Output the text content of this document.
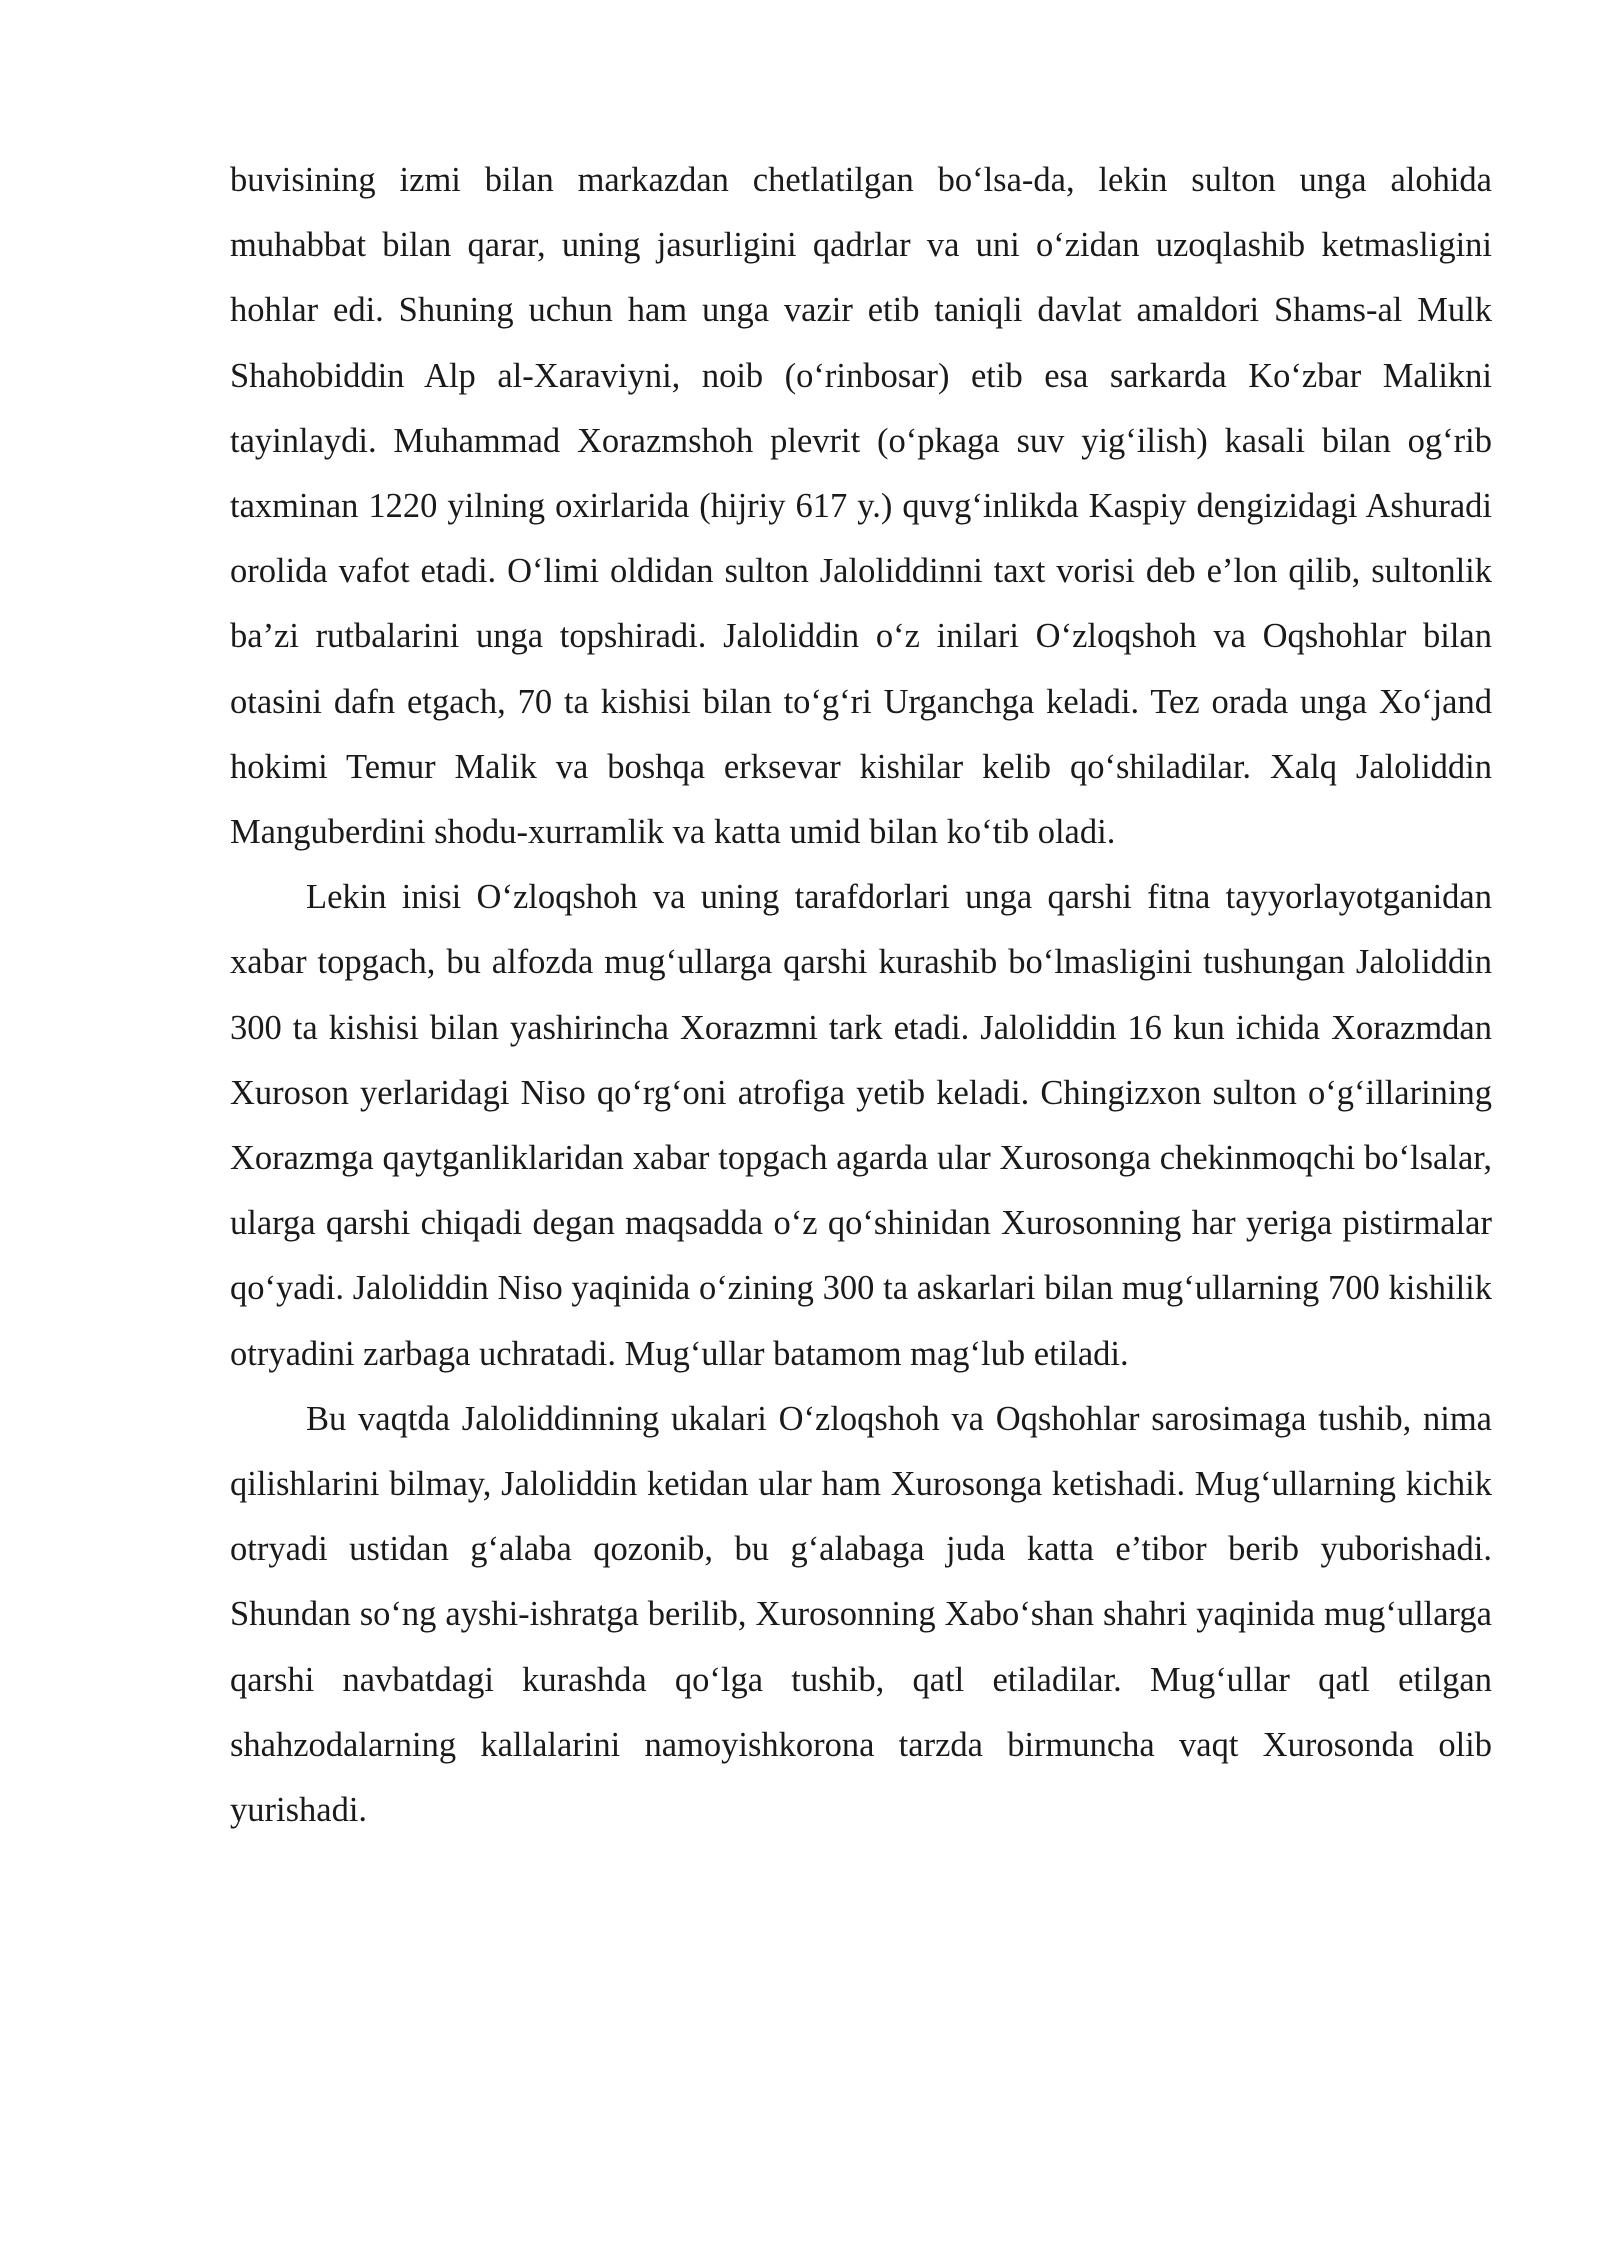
buvisining izmi bilan markazdan chetlatilgan bo‘lsa-da, lekin sulton unga alohida muhabbat bilan qarar, uning jasurligini qadrlar va uni o‘zidan uzoqlashib ketmasligini hohlar edi. Shuning uchun ham unga vazir etib taniqli davlat amaldori Shams-al Mulk Shahobiddin Alp al-Xaraviyni, noib (o‘rinbosar) etib esa sarkarda Ko‘zbar Malikni tayinlaydi. Muhammad Xorazmshoh plevrit (o‘pkaga suv yig‘ilish) kasali bilan og‘rib taxminan 1220 yilning oxirlarida (hijriy 617 y.) quvg‘inlikda Kaspiy dengizidagi Ashuradi orolida vafot etadi. O‘limi oldidan sulton Jaloliddinni taxt vorisi deb e’lon qilib, sultonlik ba’zi rutbalarini unga topshiradi. Jaloliddin o‘z inilari O‘zloqshoh va Oqshohlar bilan otasini dafn etgach, 70 ta kishisi bilan to‘g‘ri Urganchga keladi. Tez orada unga Xo‘jand hokimi Temur Malik va boshqa erksevar kishilar kelib qo‘shiladilar. Xalq Jaloliddin Manguberdini shodu-xurramlik va katta umid bilan ko‘tib oladi.

Lekin inisi O‘zloqshoh va uning tarafdorlari unga qarshi fitna tayyorlayotganidan xabar topgach, bu alfozda mug‘ullarga qarshi kurashib bo‘lmasligini tushungan Jaloliddin 300 ta kishisi bilan yashirincha Xorazmni tark etadi. Jaloliddin 16 kun ichida Xorazmdan Xuroson yerlaridagi Niso qo‘rg‘oni atrofiga yetib keladi. Chingizxon sulton o‘g‘illarining Xorazmga qaytganliklaridan xabar topgach agarda ular Xurosonga chekinmoqchi bo‘lsalar, ularga qarshi chiqadi degan maqsadda o‘z qo‘shinidan Xurosonning har yeriga pistirmalar qo‘yadi. Jaloliddin Niso yaqinida o‘zining 300 ta askarlari bilan mug‘ullarning 700 kishilik otryadini zarbaga uchratadi. Mug‘ullar batamom mag‘lub etiladi.

Bu vaqtda Jaloliddinning ukalari O‘zloqshoh va Oqshohlar sarosimaga tushib, nima qilishlarini bilmay, Jaloliddin ketidan ular ham Xurosonga ketishadi. Mug‘ullarning kichik otryadi ustidan g‘alaba qozonib, bu g‘alabaga juda katta e’tibor berib yuborishadi. Shundan so‘ng ayshi-ishratga berilib, Xurosonning Xabo‘shan shahri yaqinida mug‘ullarga qarshi navbatdagi kurashda qo‘lga tushib, qatl etiladilar. Mug‘ullar qatl etilgan shahzodalarning kallalarini namoyishkorona tarzda birmuncha vaqt Xurosonda olib yurishadi.
